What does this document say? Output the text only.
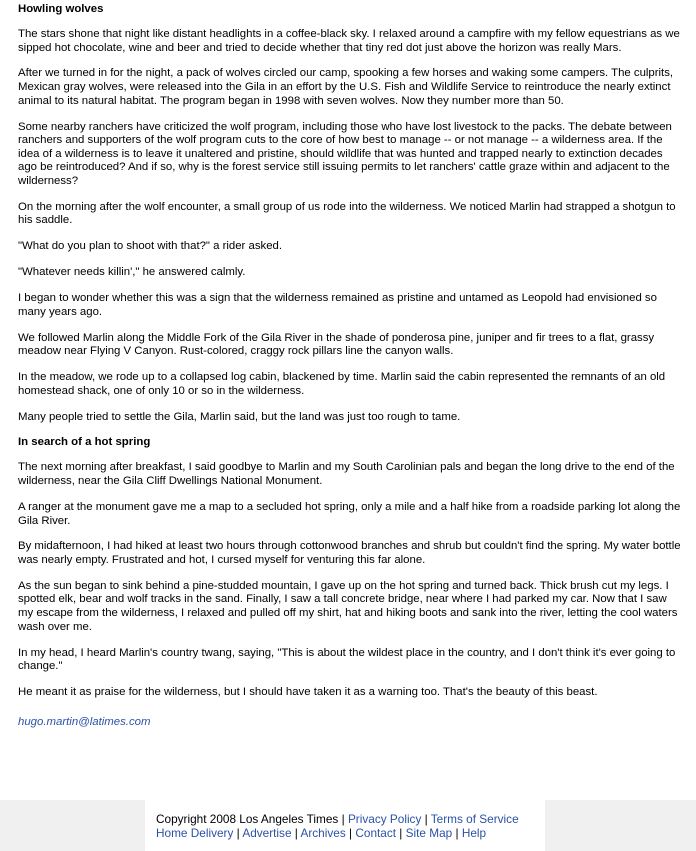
Howling wolves

The stars shone that night like distant headlights in a coffee-black sky. I relaxed around a campfire with my fellow equestrians as we sipped hot chocolate, wine and beer and tried to decide whether that tiny red dot just above the horizon was really Mars.

After we turned in for the night, a pack of wolves circled our camp, spooking a few horses and waking some campers. The culprits, Mexican gray wolves, were released into the Gila in an effort by the U.S. Fish and Wildlife Service to reintroduce the nearly extinct animal to its natural habitat. The program began in 1998 with seven wolves. Now they number more than 50.

Some nearby ranchers have criticized the wolf program, including those who have lost livestock to the packs. The debate between ranchers and supporters of the wolf program cuts to the core of how best to manage -- or not manage -- a wilderness area. If the idea of a wilderness is to leave it unaltered and pristine, should wildlife that was hunted and trapped nearly to extinction decades ago be reintroduced? And if so, why is the forest service still issuing permits to let ranchers' cattle graze within and adjacent to the wilderness?

On the morning after the wolf encounter, a small group of us rode into the wilderness. We noticed Marlin had strapped a shotgun to his saddle.

"What do you plan to shoot with that?" a rider asked.

"Whatever needs killin'," he answered calmly.

I began to wonder whether this was a sign that the wilderness remained as pristine and untamed as Leopold had envisioned so many years ago.

We followed Marlin along the Middle Fork of the Gila River in the shade of ponderosa pine, juniper and fir trees to a flat, grassy meadow near Flying V Canyon. Rust-colored, craggy rock pillars line the canyon walls.

In the meadow, we rode up to a collapsed log cabin, blackened by time. Marlin said the cabin represented the remnants of an old homestead shack, one of only 10 or so in the wilderness.

Many people tried to settle the Gila, Marlin said, but the land was just too rough to tame.

In search of a hot spring

The next morning after breakfast, I said goodbye to Marlin and my South Carolinian pals and began the long drive to the end of the wilderness, near the Gila Cliff Dwellings National Monument.

A ranger at the monument gave me a map to a secluded hot spring, only a mile and a half hike from a roadside parking lot along the Gila River.

By midafternoon, I had hiked at least two hours through cottonwood branches and shrub but couldn't find the spring. My water bottle was nearly empty. Frustrated and hot, I cursed myself for venturing this far alone.

As the sun began to sink behind a pine-studded mountain, I gave up on the hot spring and turned back. Thick brush cut my legs. I spotted elk, bear and wolf tracks in the sand. Finally, I saw a tall concrete bridge, near where I had parked my car. Now that I saw my escape from the wilderness, I relaxed and pulled off my shirt, hat and hiking boots and sank into the river, letting the cool waters wash over me.

In my head, I heard Marlin's country twang, saying, "This is about the wildest place in the country, and I don't think it's ever going to change."

He meant it as praise for the wilderness, but I should have taken it as a warning too. That's the beauty of this beast.

hugo.martin@latimes.com
Copyright 2008 Los Angeles Times | Privacy Policy | Terms of Service
Home Delivery | Advertise | Archives | Contact | Site Map | Help
